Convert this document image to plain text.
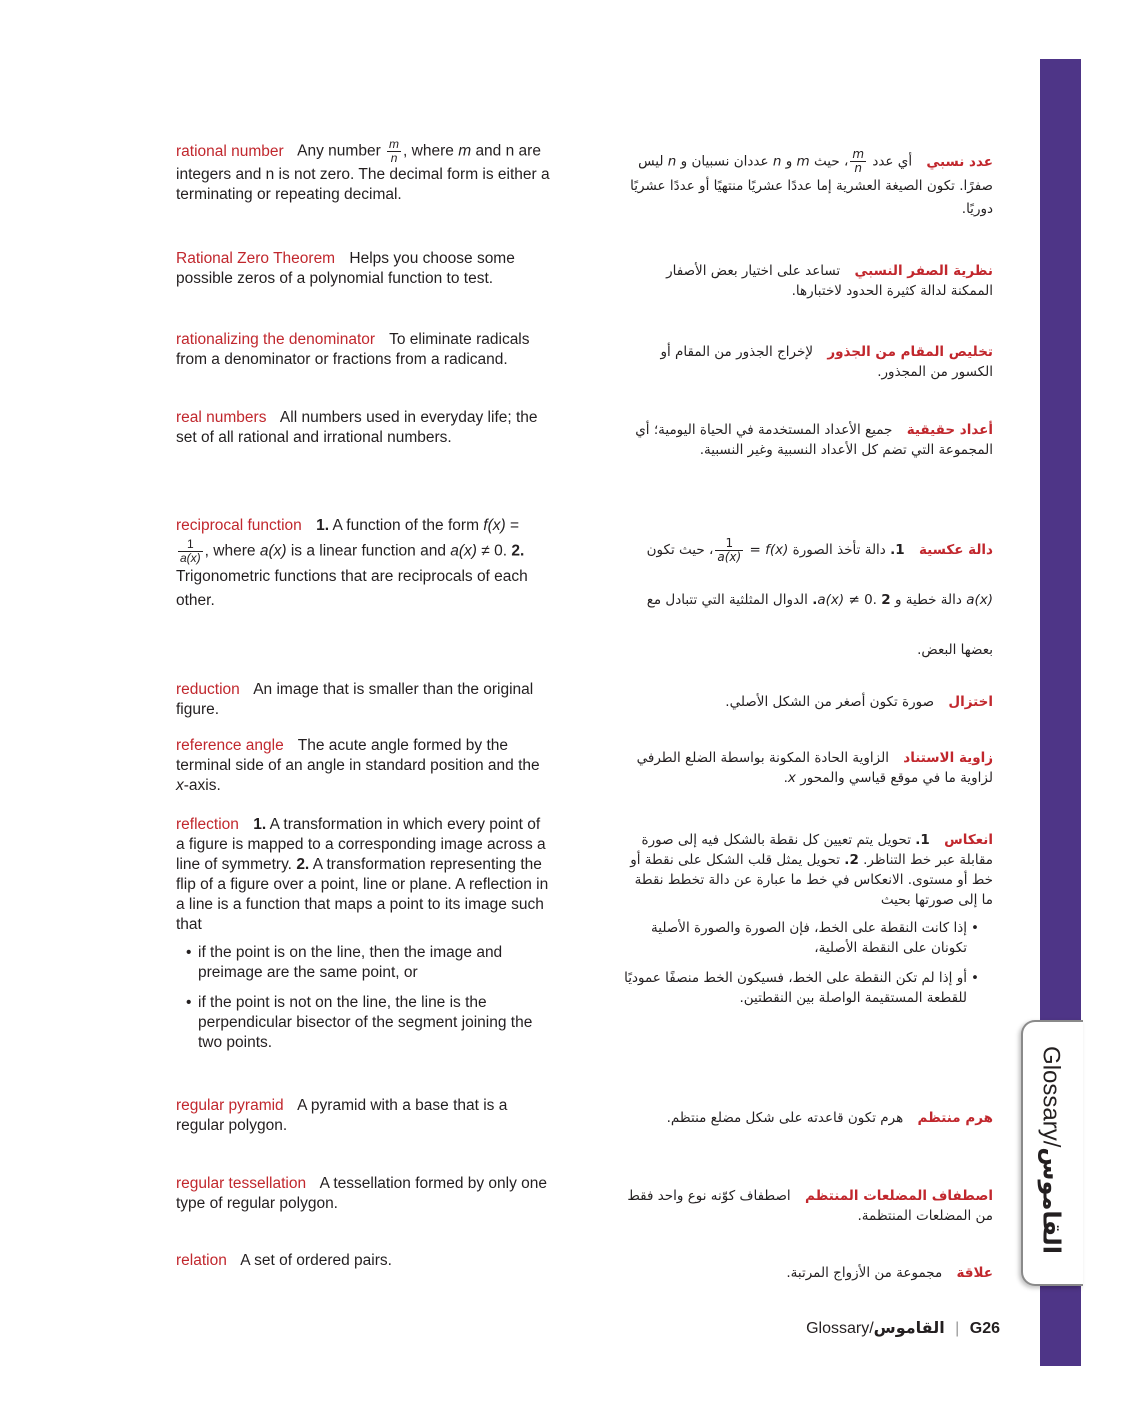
Glossary/القاموس
rational number Any number $\frac{m}{n}$ , where m and n are integers and n is not zero. The decimal form is either a terminating or repeating decimal.
Rational Zero Theorem Helps you choose some possible zeros of a polynomial function to test.
rationalizing the denominator To eliminate radicals from a denominator or fractions from a radicand.
real numbers All numbers used in everyday life; the set of all rational and irrational numbers.
reciprocal function 1. A function of the form f(x) =
$\frac{1}{a(x)}$ , where a(x) is a linear function and a(x) ≠ 0. 2. Trigonometric functions that are reciprocals of each other.
reduction An image that is smaller than the original figure.
reference angle The acute angle formed by the terminal side of an angle in standard position and the x-axis.
reflection 1. A transformation in which every point of a figure is mapped to a corresponding image across a line of symmetry. 2. A transformation representing the flip of a figure over a point, line or plane. A reflection in a line is a function that maps a point to its image such that
• if the point is on the line, then the image and preimage are the same point, or
• if the point is not on the line, the line is the perpendicular bisector of the segment joining the two points.
regular pyramid A pyramid with a base that is a regular polygon.
regular tessellation A tessellation formed by only one type of regular polygon.
relation A set of ordered pairs.
عدد نسبي أي عدد
$\frac{m}{n}$
، حيث m و n عددان نسبيان و n ليس صفرًا. تكون الصيغة العشرية إما عددًا عشريًا منتهيًا أو عددًا عشريًا دوريًا.
نظرية الصفر النسبي تساعد على اختيار بعض الأصفار الممكنة لدالة كثيرة الحدود لاختبارها.
تخليص المقام من الجذور لإخراج الجذور من المقام أو الكسور من المجذور.
أعداد حقيقية جميع الأعداد المستخدمة في الحياة اليومية؛ أي المجموعة التي تضم كل الأعداد النسبية وغير النسبية.
دالة عكسية 1. دالة تأخذ الصورة f(x) =
$\frac{1}{a(x)}$
، حيث تكون a(x) دالة خطية و a(x) ≠ 0. 2. الدوال المثلثية التي تتبادل مع بعضها البعض.
اختزال صورة تكون أصغر من الشكل الأصلي.
زاوية الاستناد الزاوية الحادة المكونة بواسطة الضلع الطرفي لزاوية ما في موقع قياسي والمحور x.
انعكاس 1. تحويل يتم تعيين كل نقطة بالشكل فيه إلى صورة مقابلة عبر خط التناظر. 2. تحويل يمثل قلب الشكل على نقطة أو خط أو مستوى. الانعكاس في خط ما عبارة عن دالة تخطط نقطة ما إلى صورتها بحيث
• إذا كانت النقطة على الخط، فإن الصورة والصورة الأصلية تكونان على النقطة الأصلية،
• أو إذا لم تكن النقطة على الخط، فسيكون الخط منصفًا عموديًا للقطعة المستقيمة الواصلة بين النقطتين.
هرم منتظم هرم تكون قاعدته على شكل مضلع منتظم.
اصطفاف المضلعات المنتظم اصطفاف كوّنه نوع واحد فقط من المضلعات المنتظمة.
علاقة مجموعة من الأزواج المرتبة.
Glossary/القاموس | G26
